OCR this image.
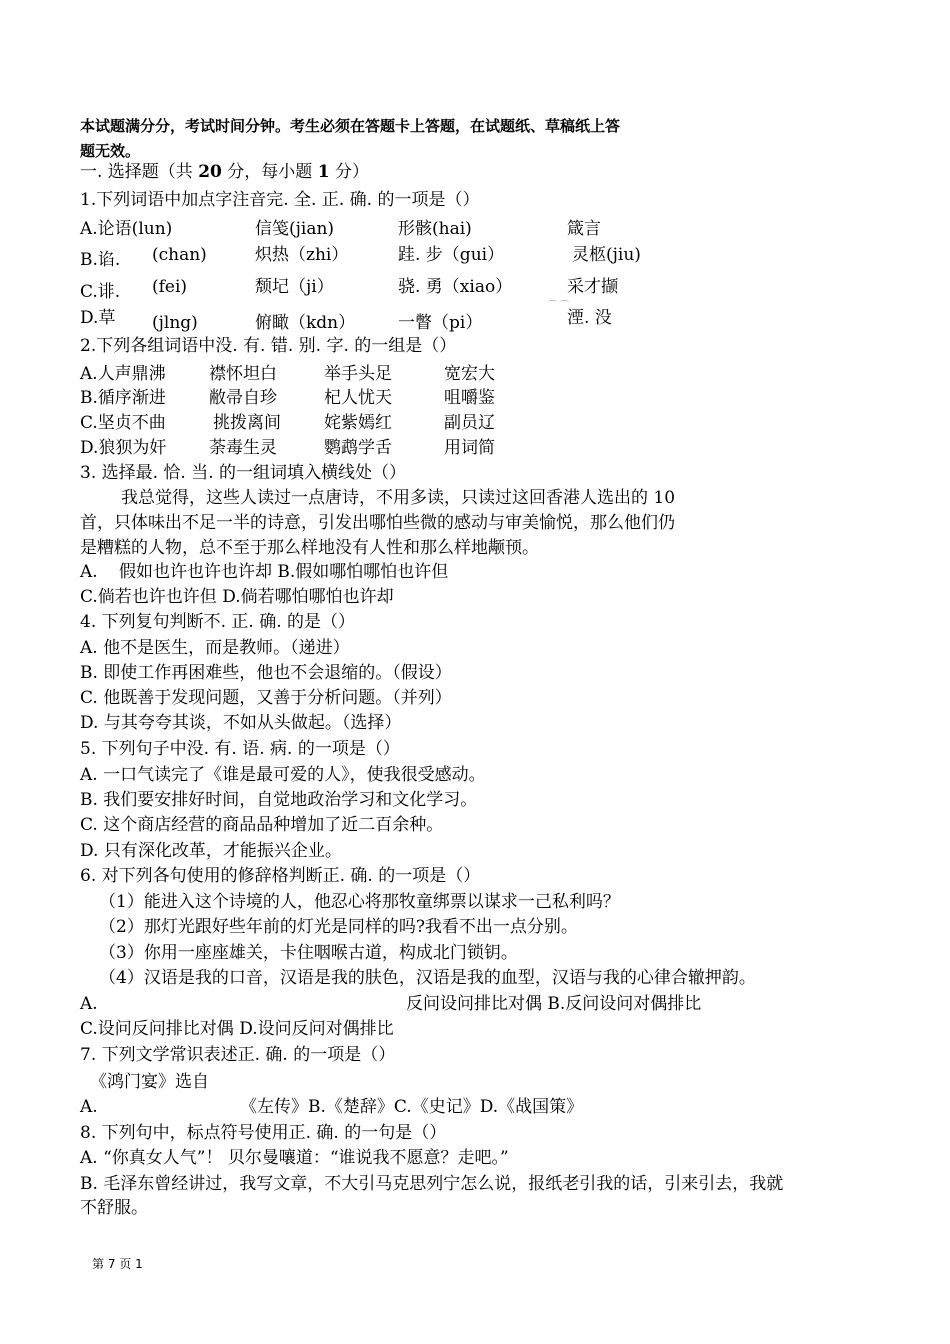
本试题满分分，考试时间分钟。考生必须在答题卡上答题，在试题纸、草稿纸上答
题无效。
一. 选择题（共 20 分，每小题 1 分）
1.下列词语中加点字注音完. 全. 正. 确. 的一项是（）
A.论语(lun)	信笺(jian)	形骸(hai)	箴言
B.谄. (chan)	炽热（zhi）	跬. 步（gui）	灵柩(jiu)
C.诽. (fei)	颓圮（ji）	骁. 勇（xiao）	采才撷
⌒ ⌒
D.草 (jlng)	俯瞰（kdn）	一瞥（pi）	湮. 没
2.下列各组词语中没. 有. 错. 别. 字. 的一组是（）
A.人声鼎沸	襟怀坦白	举手头足	宽宏大
B.循序渐进	敝帚自珍	杞人忧天	咀嚼鉴
C.坚贞不曲	挑拨离间	姹紫嫣红	副员辽
D.狼狈为奸	荼毒生灵	鹦鹉学舌	用词简
3. 选择最. 恰. 当. 的一组词填入横线处（）
我总觉得，这些人读过一点唐诗，不用多读，只读过这回香港人选出的 10
首，只体味出不足一半的诗意，引发出哪怕些微的感动与审美愉悦，那么他们仍
是糟糕的人物，总不至于那么样地没有人性和那么样地颟顸。
A. 假如也许也许也许却 B.假如哪怕哪怕也许但
C.倘若也许也许但 D.倘若哪怕哪怕也许却
4. 下列复句判断不. 正. 确. 的是（）
A. 他不是医生，而是教师。（递进）
B. 即使工作再困难些，他也不会退缩的。（假设）
C. 他既善于发现问题，又善于分析问题。（并列）
D. 与其夸夸其谈，不如从头做起。（选择）
5. 下列句子中没. 有. 语. 病. 的一项是（）
A. 一口气读完了《谁是最可爱的人》，使我很受感动。
B. 我们要安排好时间，自觉地政治学习和文化学习。
C. 这个商店经营的商品品种增加了近二百余种。
D. 只有深化改革，才能振兴企业。
6. 对下列各句使用的修辞格判断正. 确. 的一项是（）
（1）能进入这个诗境的人，他忍心将那牧童绑票以谋求一己私利吗？
（2）那灯光跟好些年前的灯光是同样的吗?我看不出一点分别。
（3）你用一座座雄关，卡住咽喉古道，构成北门锁钥。
（4）汉语是我的口音，汉语是我的肤色，汉语是我的血型，汉语与我的心律合辙押韵。
A.	反问设问排比对偶 B.反问设问对偶排比
C.设问反问排比对偶 D.设问反问对偶排比
7. 下列文学常识表述正. 确. 的一项是（）
《鸿门宴》选自
A.	《左传》B.《楚辞》C.《史记》D.《战国策》
8. 下列句中，标点符号使用正. 确. 的一句是（）
A. “你真女人气”！ 贝尔曼嚷道：“谁说我不愿意？走吧。”
B. 毛泽东曾经讲过，我写文章，不大引马克思列宁怎么说，报纸老引我的话，引来引去，我就
不舒服。
第 7 页 1
